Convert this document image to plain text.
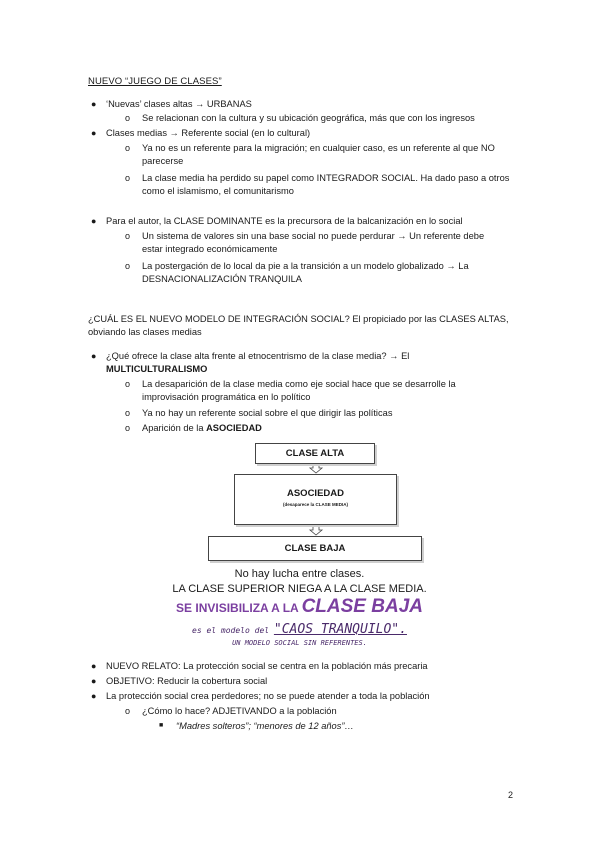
NUEVO “JUEGO DE CLASES”
● ‘Nuevas’ clases altas → URBANAS
o Se relacionan con la cultura y su ubicación geográfica, más que con los ingresos
● Clases medias → Referente social (en lo cultural)
o Ya no es un referente para la migración; en cualquier caso, es un referente al que NO
parecerse
o La clase media ha perdido su papel como INTEGRADOR SOCIAL. Ha dado paso a otros
como el islamismo, el comunitarismo
● Para el autor, la CLASE DOMINANTE es la precursora de la balcanización en lo social
o Un sistema de valores sin una base social no puede perdurar → Un referente debe
estar integrado económicamente
o La postergación de lo local da pie a la transición a un modelo globalizado → La
DESNACIONALIZACIÓN TRANQUILA
¿CUÁL ES EL NUEVO MODELO DE INTEGRACIÓN SOCIAL? El propiciado por las CLASES ALTAS,
obviando las clases medias
● ¿Qué ofrece la clase alta frente al etnocentrismo de la clase media? → El
MULTICULTURALISMO
o La desaparición de la clase media como eje social hace que se desarrolle la
improvisación programática en lo político
o Ya no hay un referente social sobre el que dirigir las políticas
o Aparición de la ASOCIEDAD
CLASE ALTA
ASOCIEDAD
(desaparece la CLASE MEDIA)
CLASE BAJA
No hay lucha entre clases.
LA CLASE SUPERIOR NIEGA A LA CLASE MEDIA.
SE INVISIBILIZA A LA CLASE BAJA
es el modelo del "CAOS TRANQUILO".
UN MODELO SOCIAL SIN REFERENTES.
● NUEVO RELATO: La protección social se centra en la población más precaria
● OBJETIVO: Reducir la cobertura social
● La protección social crea perdedores; no se puede atender a toda la población
o ¿Cómo lo hace? ADJETIVANDO a la población
■ “Madres solteros”; “menores de 12 años”…
2
